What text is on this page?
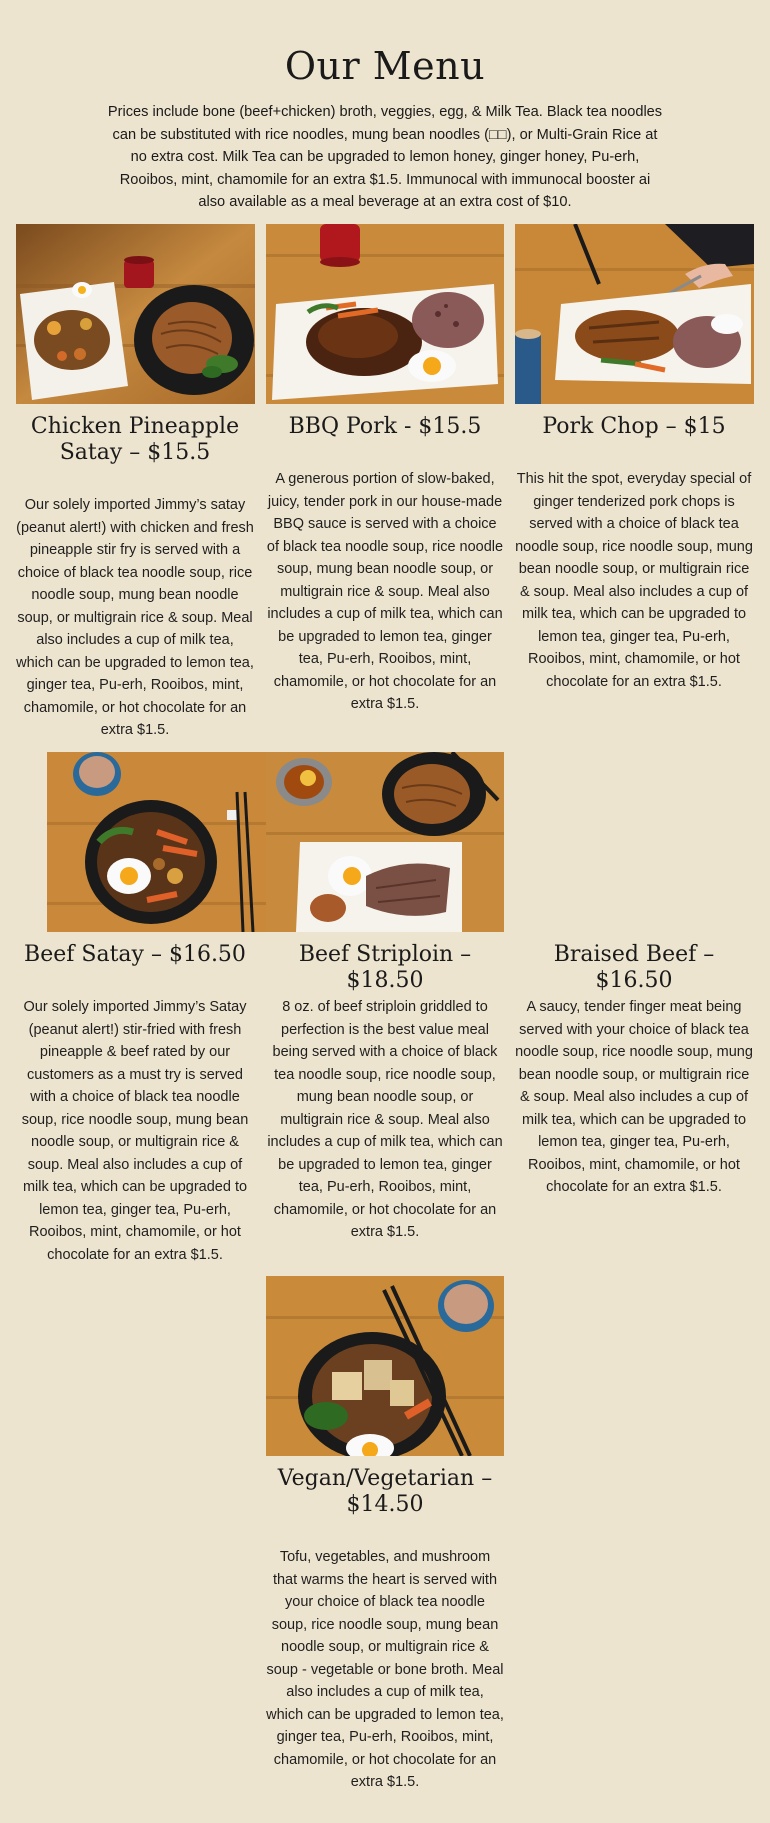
Our Menu
Prices include bone (beef+chicken) broth, veggies, egg, & Milk Tea. Black tea noodles can be substituted with rice noodles, mung bean noodles (□□), or Multi-Grain Rice at no extra cost. Milk Tea can be upgraded to lemon honey, ginger honey, Pu-erh, Rooibos, mint, chamomile for an extra $1.5. Immunocal with immunocal booster ai also available as a meal beverage at an extra cost of $10.
Chicken Pineapple Satay – $15.5
Our solely imported Jimmy’s satay (peanut alert!) with chicken and fresh pineapple stir fry is served with a choice of black tea noodle soup, rice noodle soup, mung bean noodle soup, or multigrain rice & soup. Meal also includes a cup of milk tea, which can be upgraded to lemon tea, ginger tea, Pu-erh, Rooibos, mint, chamomile, or hot chocolate for an extra $1.5.
BBQ Pork - $15.5
A generous portion of slow-baked, juicy, tender pork in our house-made BBQ sauce is served with a choice of black tea noodle soup, rice noodle soup, mung bean noodle soup, or multigrain rice & soup. Meal also includes a cup of milk tea, which can be upgraded to lemon tea, ginger tea, Pu-erh, Rooibos, mint, chamomile, or hot chocolate for an extra $1.5.
Pork Chop – $15
This hit the spot, everyday special of ginger tenderized pork chops is served with a choice of black tea noodle soup, rice noodle soup, mung bean noodle soup, or multigrain rice & soup. Meal also includes a cup of milk tea, which can be upgraded to lemon tea, ginger tea, Pu-erh, Rooibos, mint, chamomile, or hot chocolate for an extra $1.5.
Beef Satay – $16.50
Our solely imported Jimmy’s Satay (peanut alert!) stir-fried with fresh pineapple & beef rated by our customers as a must try is served with a choice of black tea noodle soup, rice noodle soup, mung bean noodle soup, or multigrain rice & soup. Meal also includes a cup of milk tea, which can be upgraded to lemon tea, ginger tea, Pu-erh, Rooibos, mint, chamomile, or hot chocolate for an extra $1.5.
Beef Striploin – $18.50
8 oz. of beef striploin griddled to perfection is the best value meal being served with a choice of black tea noodle soup, rice noodle soup, mung bean noodle soup, or multigrain rice & soup. Meal also includes a cup of milk tea, which can be upgraded to lemon tea, ginger tea, Pu-erh, Rooibos, mint, chamomile, or hot chocolate for an extra $1.5.
Braised Beef – $16.50
A saucy, tender finger meat being served with your choice of black tea noodle soup, rice noodle soup, mung bean noodle soup, or multigrain rice & soup. Meal also includes a cup of milk tea, which can be upgraded to lemon tea, ginger tea, Pu-erh, Rooibos, mint, chamomile, or hot chocolate for an extra $1.5.
Vegan/Vegetarian – $14.50
Tofu, vegetables, and mushroom that warms the heart is served with your choice of black tea noodle soup, rice noodle soup, mung bean noodle soup, or multigrain rice & soup - vegetable or bone broth. Meal also includes a cup of milk tea, which can be upgraded to lemon tea, ginger tea, Pu-erh, Rooibos, mint, chamomile, or hot chocolate for an extra $1.5.
